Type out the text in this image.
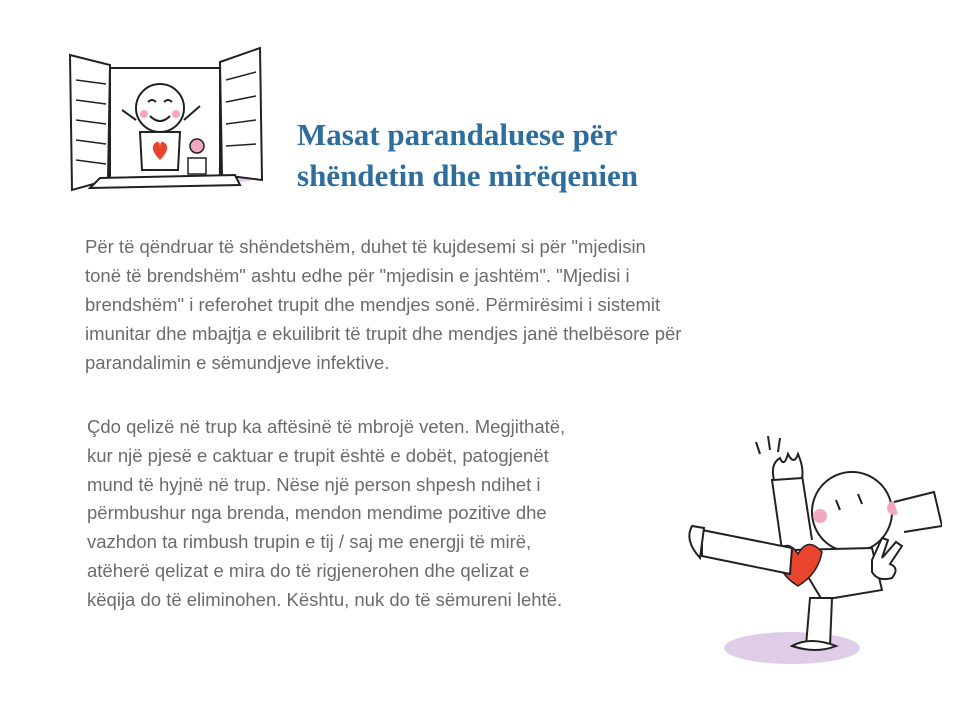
Masat parandaluese për
shëndetin dhe mirëqenien
Për të qëndruar të shëndetshëm, duhet të kujdesemi si për "mjedisin
tonë të brendshëm" ashtu edhe për "mjedisin e jashtëm". "Mjedisi i
brendshëm" i referohet trupit dhe mendjes sonë. Përmirësimi i sistemit
imunitar dhe mbajtja e ekuilibrit të trupit dhe mendjes janë thelbësore për
parandalimin e sëmundjeve infektive.
Çdo qelizë në trup ka aftësinë të mbrojë veten. Megjithatë,
kur një pjesë e caktuar e trupit është e dobët, patogjenët
mund të hyjnë në trup. Nëse një person shpesh ndihet i
përmbushur nga brenda, mendon mendime pozitive dhe
vazhdon ta rimbush trupin e tij / saj me energji të mirë,
atëherë qelizat e mira do të rigjenerohen dhe qelizat e
këqija do të eliminohen. Kështu, nuk do të sëmureni lehtë.
